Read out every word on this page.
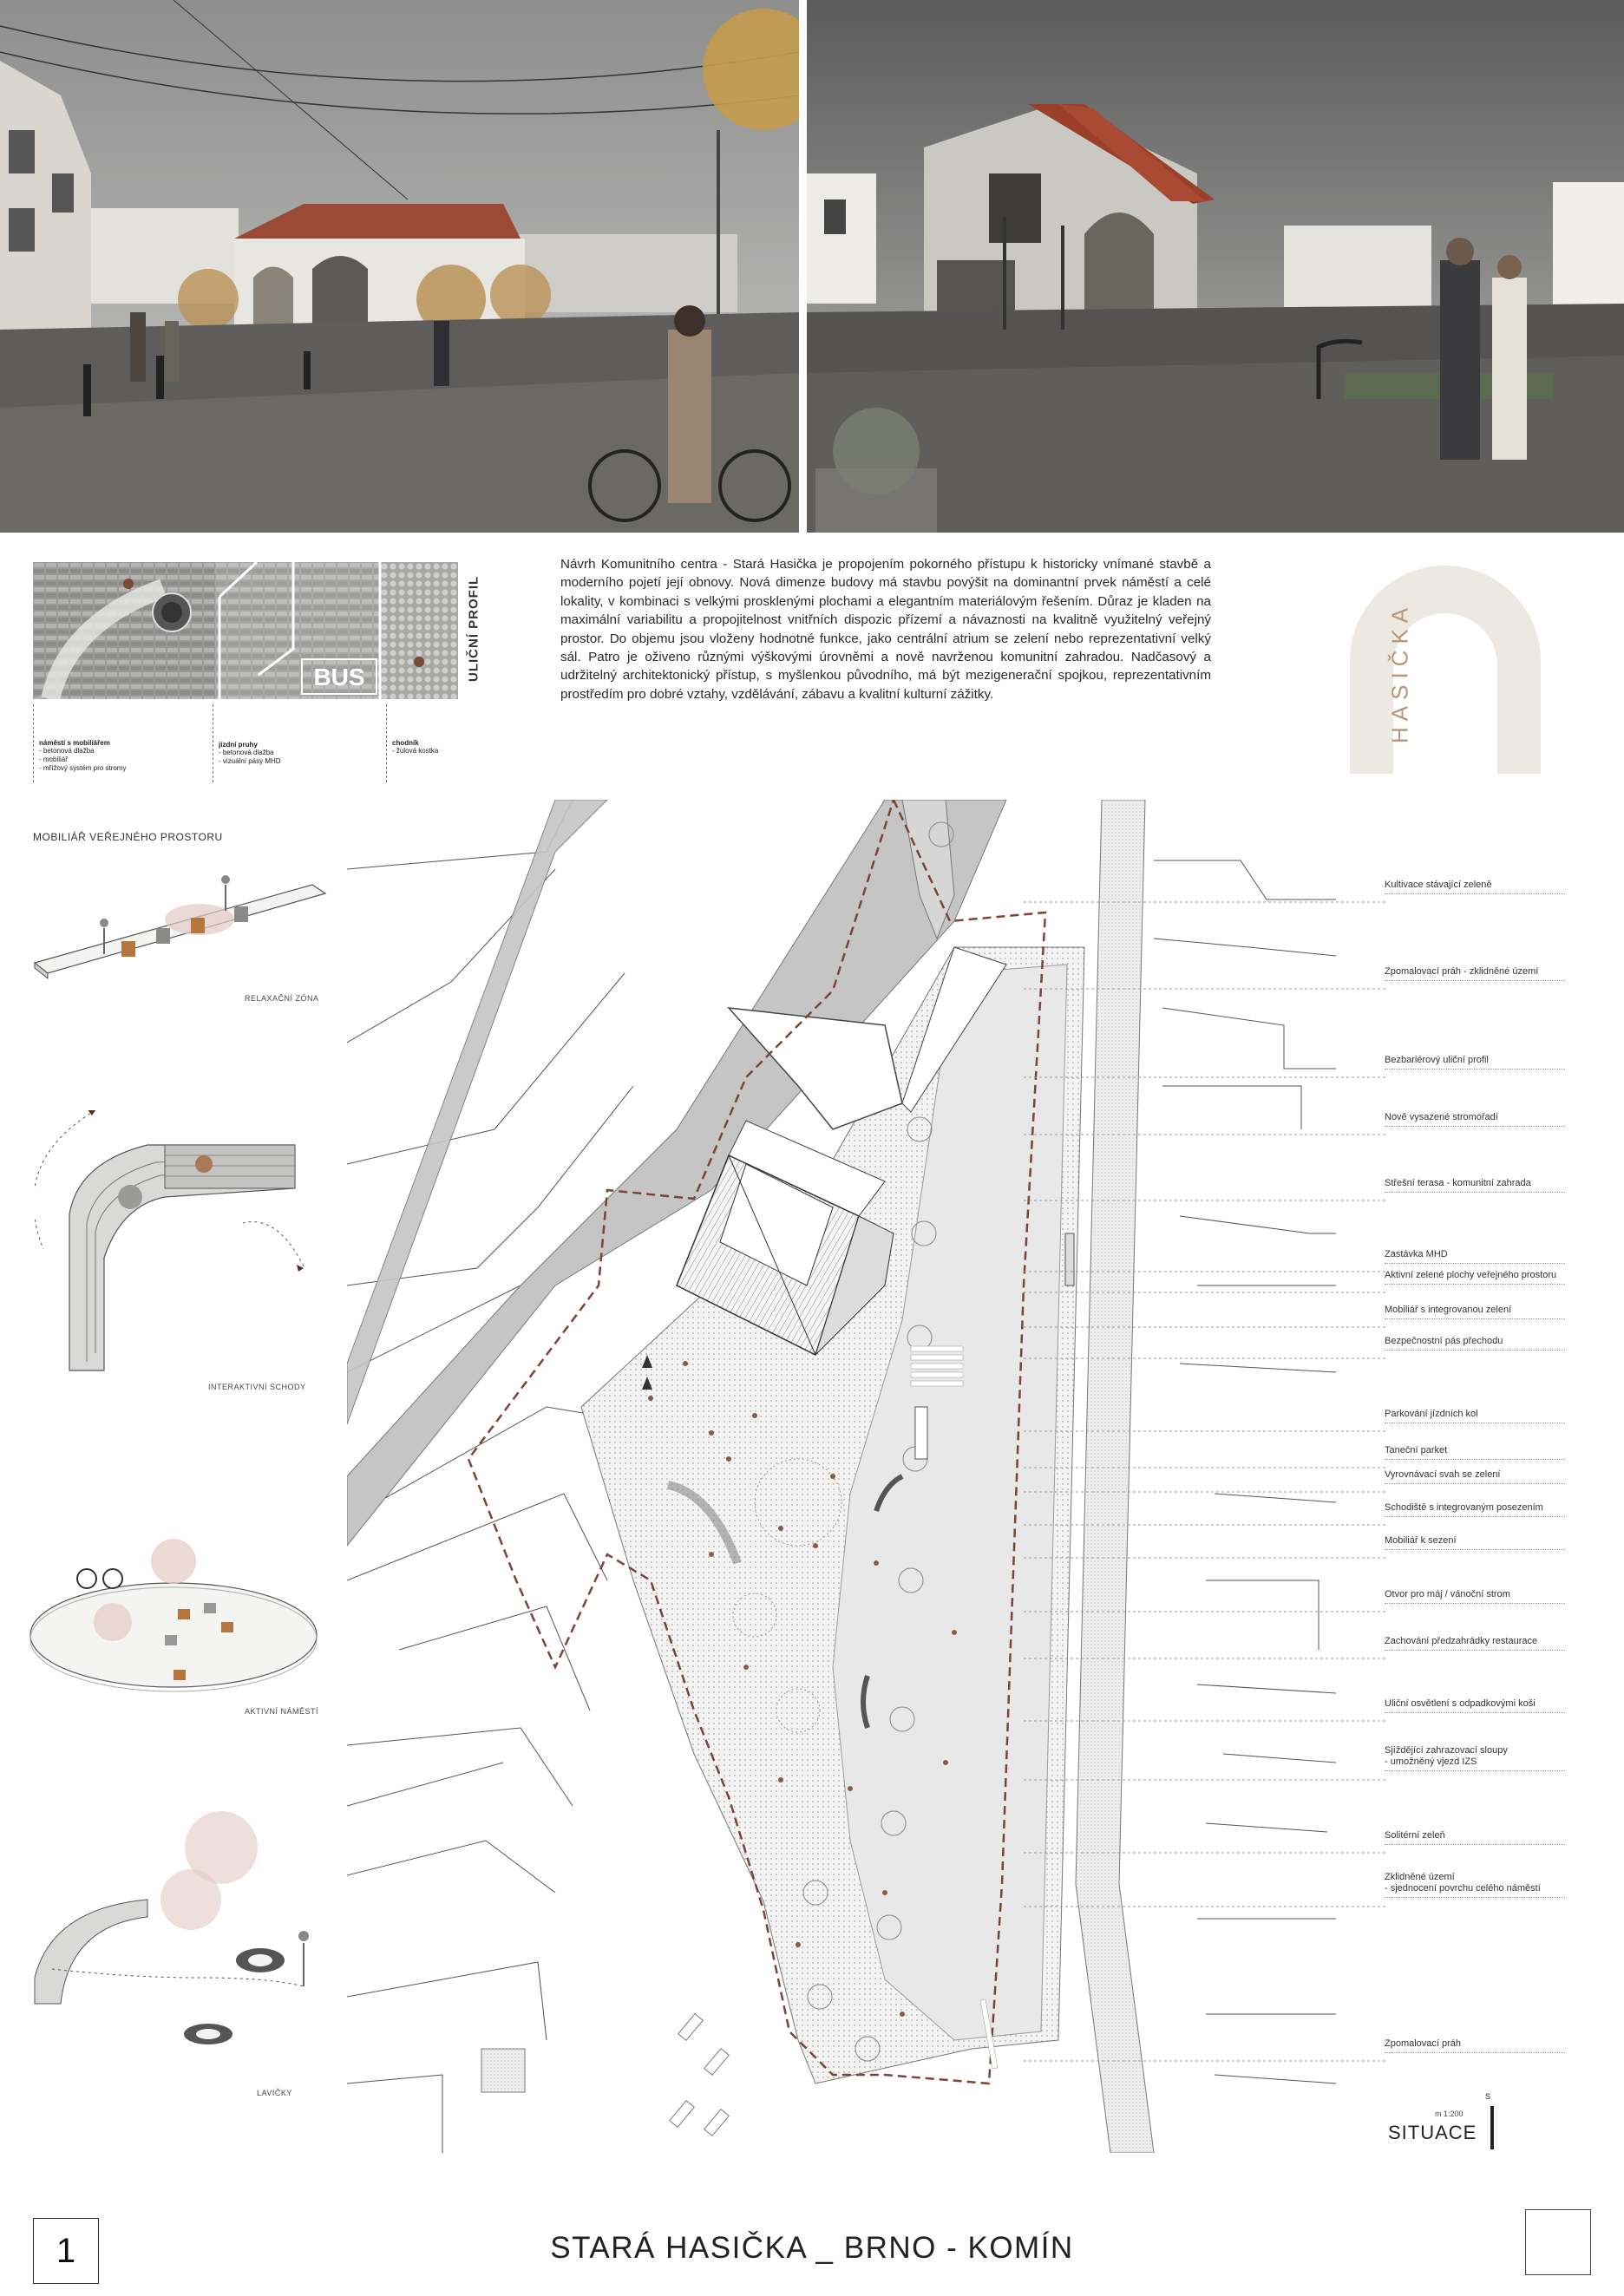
BUS	ULIČNÍ PROFIL
náměstí s mobiliářem
- betonová dlažba
- mobiliář
- mřížový systém pro stromy
jízdní pruhy
- betonová dlažba
- vizuální pásy MHD
chodník
- žulová kostka

Návrh Komunitního centra - Stará Hasička je propojením pokorného přístupu k historicky vnímané stavbě a moderního pojetí její obnovy. Nová dimenze budovy má stavbu povýšit na dominantní prvek náměstí a celé lokality, v kombinaci s velkými prosklenými plochami a elegantním materiálovým řešením. Důraz je kladen na maximální variabilitu a propojitelnost vnitřních dispozic přízemí a návaznosti na kvalitně využitelný veřejný prostor. Do objemu jsou vloženy hodnotné funkce, jako centrální atrium se zelení nebo reprezentativní velký sál. Patro je oživeno různými výškovými úrovněmi a nově navrženou komunitní zahradou. Nadčasový a udržitelný architektonický přístup, s myšlenkou původního, má být mezigenerační spojkou, reprezentativním prostředím pro dobré vztahy, vzdělávání, zábavu a kvalitní kulturní zážitky.	HASIČKA
MOBILIÁŘ VEŘEJNÉHO PROSTORU
RELAXAČNÍ ZÓNA
INTERAKTIVNÍ SCHODY
AKTIVNÍ NÁMĚSTÍ
LAVIČKY
Kultivace stávající zeleně
Zpomalovací práh - zklidněné území
Bezbariérový uliční profil
Nově vysazené stromořadí
Střešní terasa - komunitní zahrada
Zastávka MHD
Aktivní zelené plochy veřejného prostoru
Mobiliář s integrovanou zelení
Bezpečnostní pás přechodu
Parkování jízdních kol
Taneční parket
Vyrovnávací svah se zelení
Schodiště s integrovaným posezením
Mobiliář k sezení
Otvor pro máj / vánoční strom
Zachování předzahrádky restaurace
Uliční osvětlení s odpadkovými koši
Sjíždějící zahrazovací sloupy
- umožněný vjezd IZS
Solitérní zeleň
Zklidněné území
- sjednocení povrchu celého náměstí
Zpomalovací práh
S
m 1:200
SITUACE
1	STARÁ HASIČKA _ BRNO - KOMÍN
